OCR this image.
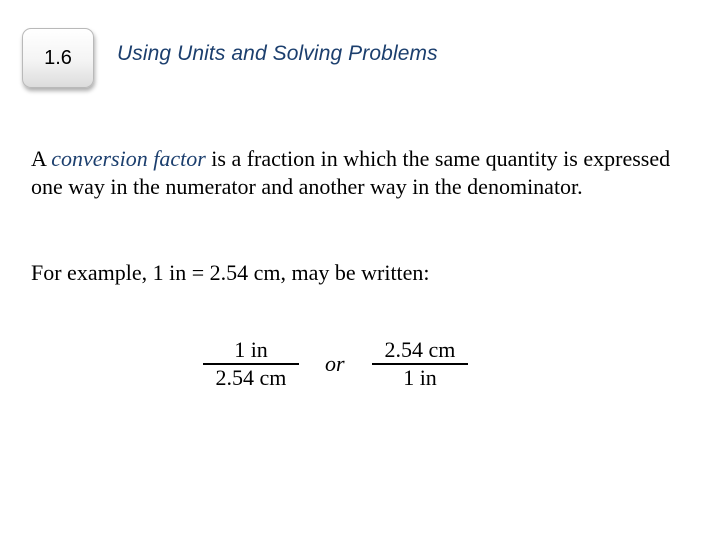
1.6 Using Units and Solving Problems

A conversion factor is a fraction in which the same quantity is expressed one way in the numerator and another way in the denominator.

For example, 1 in = 2.54 cm, may be written:

1 in
2.54 cm
or
2.54 cm
1 in
